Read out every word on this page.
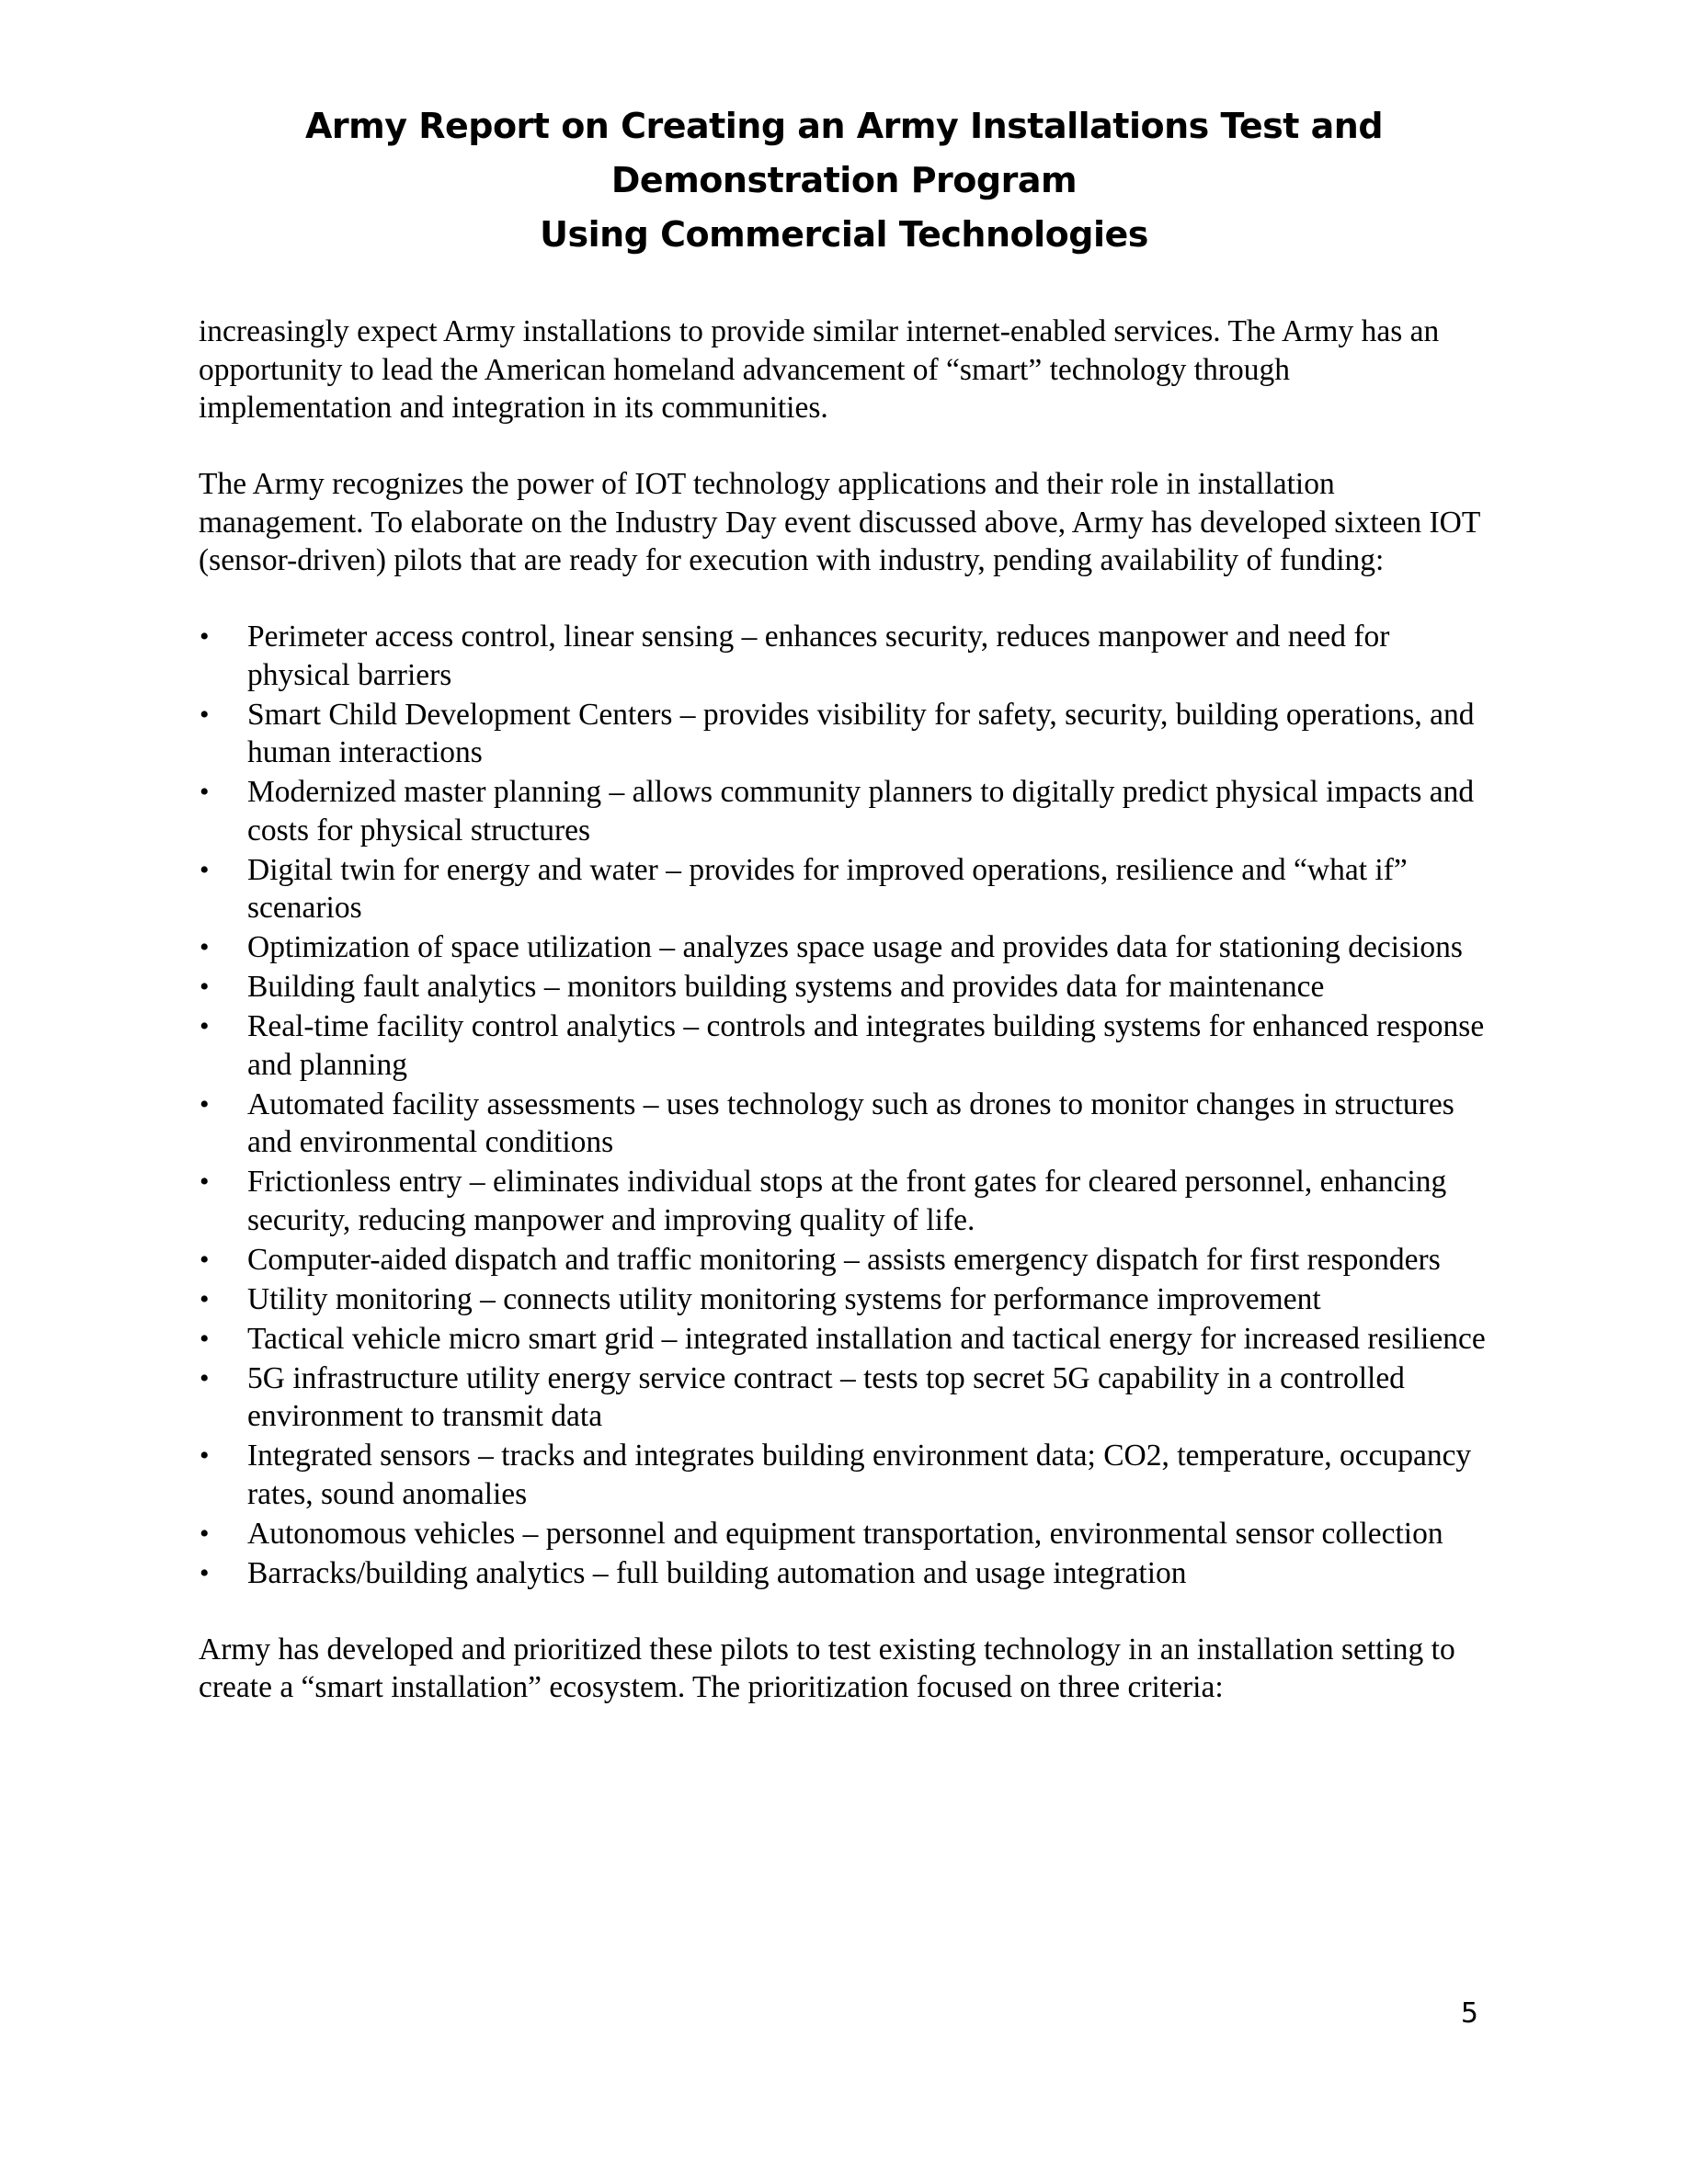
Army Report on Creating an Army Installations Test and
Demonstration Program
Using Commercial Technologies

increasingly expect Army installations to provide similar internet-enabled services. The Army has an opportunity to lead the American homeland advancement of “smart” technology through implementation and integration in its communities.

The Army recognizes the power of IOT technology applications and their role in installation management. To elaborate on the Industry Day event discussed above, Army has developed sixteen IOT (sensor-driven) pilots that are ready for execution with industry, pending availability of funding:

• Perimeter access control, linear sensing – enhances security, reduces manpower and need for physical barriers
• Smart Child Development Centers – provides visibility for safety, security, building operations, and human interactions
• Modernized master planning – allows community planners to digitally predict physical impacts and costs for physical structures
• Digital twin for energy and water – provides for improved operations, resilience and “what if” scenarios
• Optimization of space utilization – analyzes space usage and provides data for stationing decisions
• Building fault analytics – monitors building systems and provides data for maintenance
• Real-time facility control analytics – controls and integrates building systems for enhanced response and planning
• Automated facility assessments – uses technology such as drones to monitor changes in structures and environmental conditions
• Frictionless entry – eliminates individual stops at the front gates for cleared personnel, enhancing security, reducing manpower and improving quality of life.
• Computer-aided dispatch and traffic monitoring – assists emergency dispatch for first responders
• Utility monitoring – connects utility monitoring systems for performance improvement
• Tactical vehicle micro smart grid – integrated installation and tactical energy for increased resilience
• 5G infrastructure utility energy service contract – tests top secret 5G capability in a controlled environment to transmit data
• Integrated sensors – tracks and integrates building environment data; CO2, temperature, occupancy rates, sound anomalies
• Autonomous vehicles – personnel and equipment transportation, environmental sensor collection
• Barracks/building analytics – full building automation and usage integration

Army has developed and prioritized these pilots to test existing technology in an installation setting to create a “smart installation” ecosystem. The prioritization focused on three criteria:

5
